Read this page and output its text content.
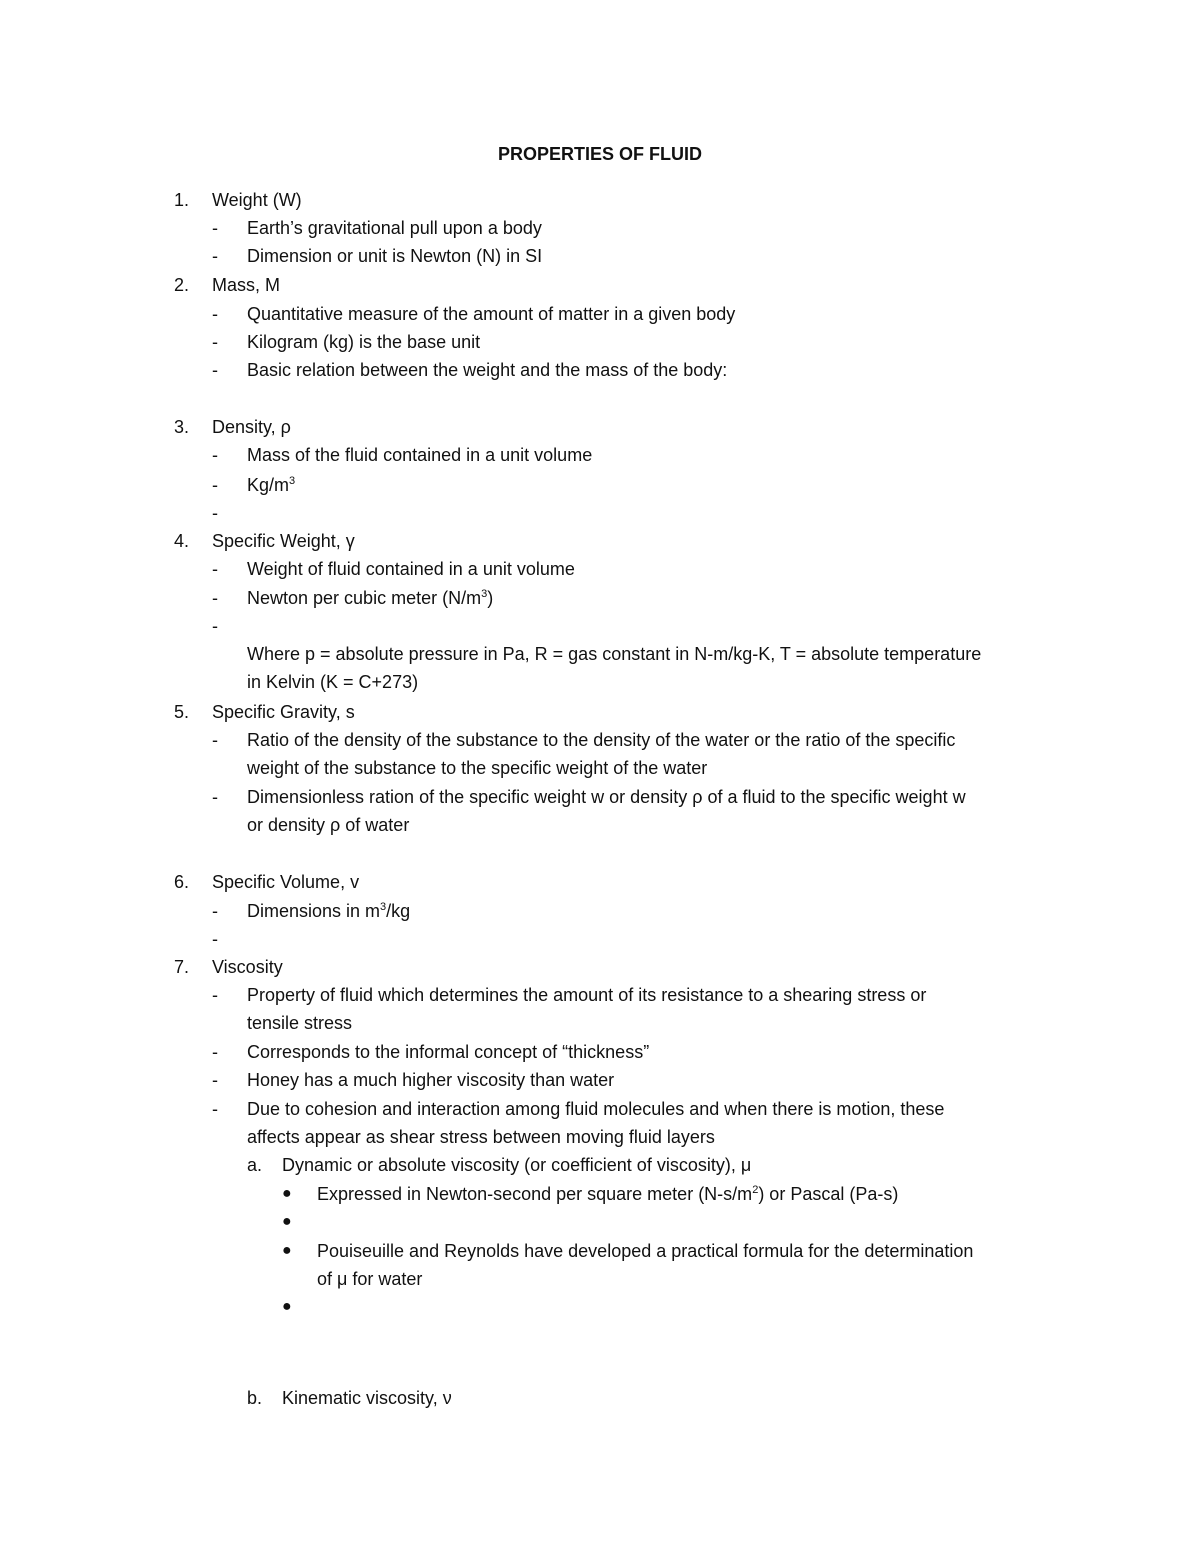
PROPERTIES OF FLUID
1. Weight (W)
- Earth’s gravitational pull upon a body
- Dimension or unit is Newton (N) in SI
2. Mass, M
- Quantitative measure of the amount of matter in a given body
- Kilogram (kg) is the base unit
- Basic relation between the weight and the mass of the body:
3. Density, ρ
- Mass of the fluid contained in a unit volume
- $Kg/m^3$
-
4. Specific Weight, γ
- Weight of fluid contained in a unit volume
- Newton per cubic meter $(N/m^3)$
-
Where p = absolute pressure in Pa, R = gas constant in N-m/kg-K, T = absolute temperature
in Kelvin (K = C+273)
5. Specific Gravity, s
- Ratio of the density of the substance to the density of the water or the ratio of the specific
weight of the substance to the specific weight of the water
- Dimensionless ration of the specific weight w or density ρ of a fluid to the specific weight w
or density ρ of water
6. Specific Volume, v
- Dimensions in $m^3/kg$
-
7. Viscosity
- Property of fluid which determines the amount of its resistance to a shearing stress or
tensile stress
- Corresponds to the informal concept of “thickness”
- Honey has a much higher viscosity than water
- Due to cohesion and interaction among fluid molecules and when there is motion, these
affects appear as shear stress between moving fluid layers
a. Dynamic or absolute viscosity (or coefficient of viscosity), μ
● Expressed in Newton-second per square meter $(N-s/m^2)$ or Pascal (Pa-s)
●
● Pouiseuille and Reynolds have developed a practical formula for the determination
of μ for water
●
b. Kinematic viscosity, ν
